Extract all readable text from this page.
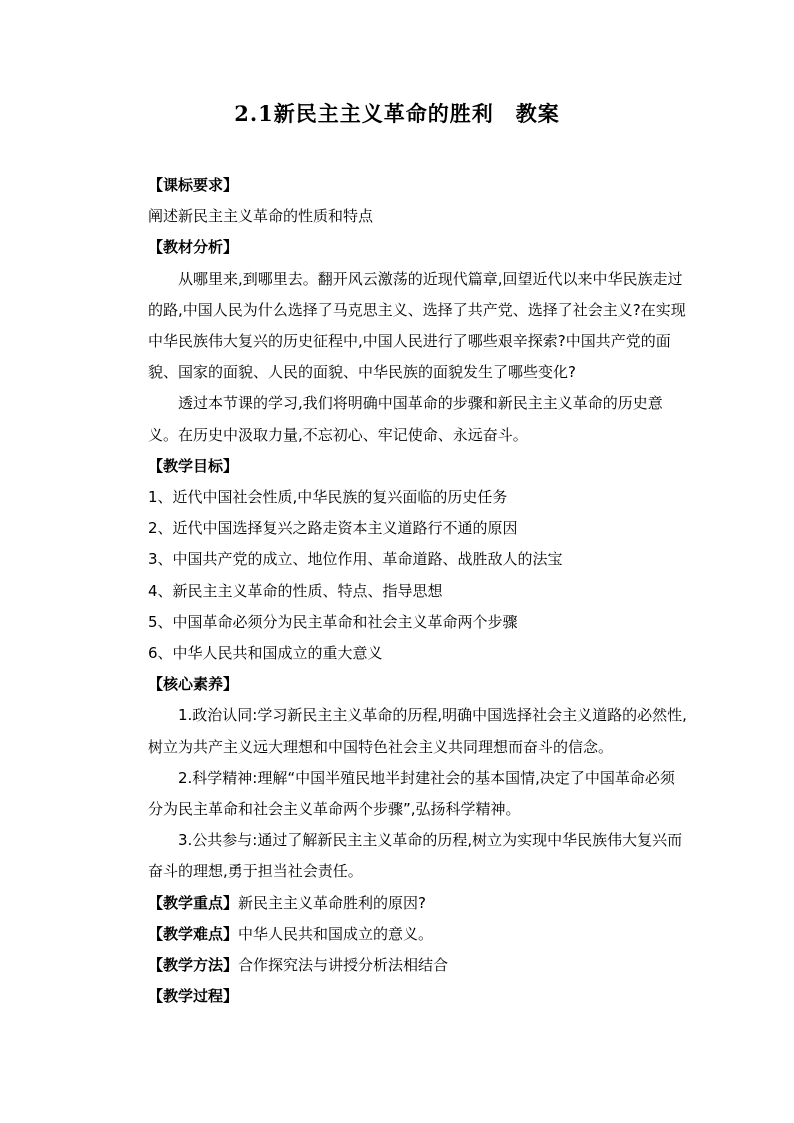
2.1新民主主义革命的胜利 教案

【课标要求】

阐述新民主主义革命的性质和特点

【教材分析】

从哪里来,到哪里去。翻开风云激荡的近现代篇章,回望近代以来中华民族走过的路,中国人民为什么选择了马克思主义、选择了共产党、选择了社会主义?在实现中华民族伟大复兴的历史征程中,中国人民进行了哪些艰辛探索?中国共产党的面貌、国家的面貌、人民的面貌、中华民族的面貌发生了哪些变化?

透过本节课的学习,我们将明确中国革命的步骤和新民主主义革命的历史意义。在历史中汲取力量,不忘初心、牢记使命、永远奋斗。

【教学目标】

1、近代中国社会性质,中华民族的复兴面临的历史任务

2、近代中国选择复兴之路走资本主义道路行不通的原因

3、中国共产党的成立、地位作用、革命道路、战胜敌人的法宝

4、新民主主义革命的性质、特点、指导思想

5、中国革命必须分为民主革命和社会主义革命两个步骤

6、中华人民共和国成立的重大意义

【核心素养】

1.政治认同:学习新民主主义革命的历程,明确中国选择社会主义道路的必然性,树立为共产主义远大理想和中国特色社会主义共同理想而奋斗的信念。

2.科学精神:理解“中国半殖民地半封建社会的基本国情,决定了中国革命必须分为民主革命和社会主义革命两个步骤”,弘扬科学精神。

3.公共参与:通过了解新民主主义革命的历程,树立为实现中华民族伟大复兴而奋斗的理想,勇于担当社会责任。

【教学重点】新民主主义革命胜利的原因?

【教学难点】中华人民共和国成立的意义。

【教学方法】合作探究法与讲授分析法相结合

【教学过程】
